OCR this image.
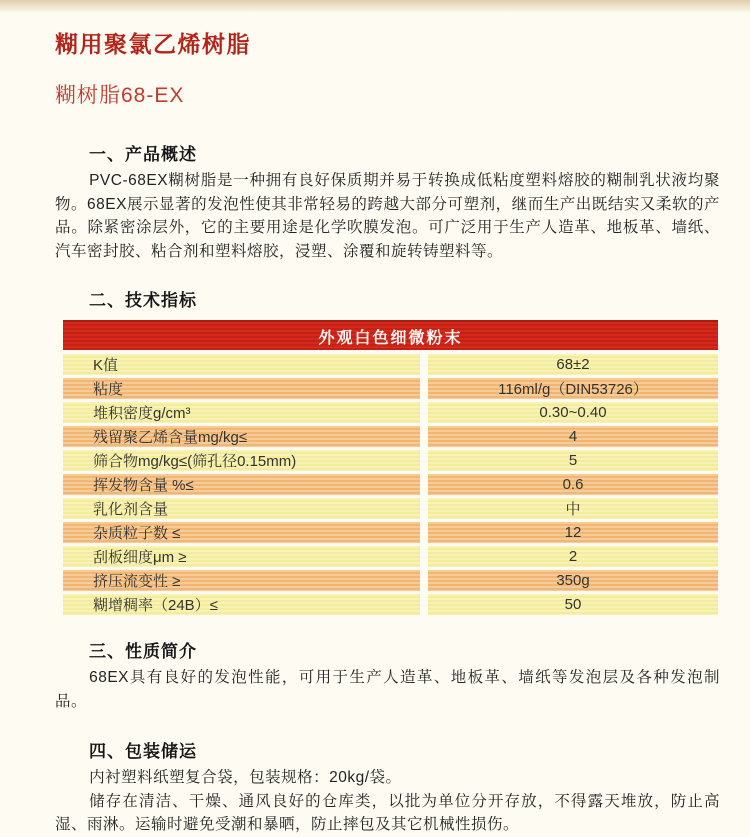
糊用聚氯乙烯树脂
糊树脂68-EX
一、产品概述

PVC-68EX糊树脂是一种拥有良好保质期并易于转换成低粘度塑料熔胶的糊制乳状液均聚物。68EX展示显著的发泡性使其非常轻易的跨越大部分可塑剂，继而生产出既结实又柔软的产品。除紧密涂层外，它的主要用途是化学吹膜发泡。可广泛用于生产人造革、地板革、墙纸、汽车密封胶、粘合剂和塑料熔胶，浸塑、涂覆和旋转铸塑料等。

二、技术指标
外观白色细微粉末
K值	68±2
粘度	116ml/g（DIN53726）
堆积密度g/cm³	0.30~0.40
残留聚乙烯含量mg/kg≤	4
筛合物mg/kg≤(筛孔径0.15mm)	5
挥发物含量 %≤	0.6
乳化剂含量	中
杂质粒子数 ≤	12
刮板细度μm ≥	2
挤压流变性 ≥	350g
糊增稠率（24B）≤	50
三、性质简介

68EX具有良好的发泡性能，可用于生产人造革、地板革、墙纸等发泡层及各种发泡制品。

四、包装储运

内衬塑料纸塑复合袋，包装规格：20kg/袋。

储存在清洁、干燥、通风良好的仓库类，以批为单位分开存放，不得露天堆放，防止高湿、雨淋。运输时避免受潮和暴晒，防止摔包及其它机械性损伤。
